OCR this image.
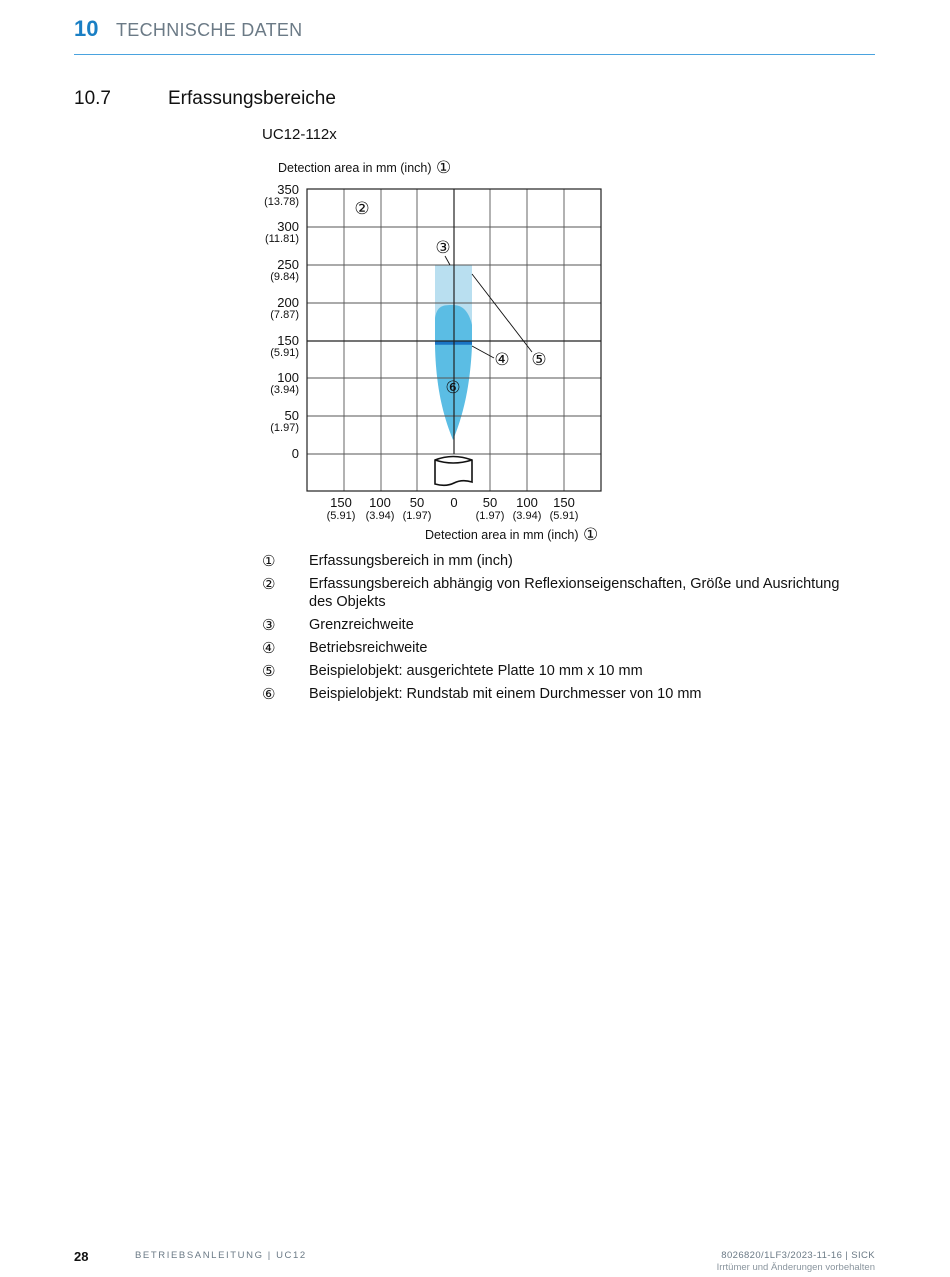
10 TECHNISCHE DATEN
10.7	Erfassungsbereiche
UC12-112x
Detection area in mm (inch) ①
350
(13.78)
300
(11.81)
250
(9.84)
200
(7.87)
150
(5.91)
100
(3.94)
50
(1.97)
0
150
(5.91)
100
(3.94)
50
(1.97)
0 50
(1.97)
100
(3.94)
150
(5.91)
Detection area in mm (inch) ①
②
③
④ ⑤
⑥
① Erfassungsbereich in mm (inch)
② Erfassungsbereich abhängig von Reflexionseigenschaften, Größe und Ausrichtung des Objekts
③ Grenzreichweite
④ Betriebsreichweite
⑤ Beispielobjekt: ausgerichtete Platte 10 mm x 10 mm
⑥ Beispielobjekt: Rundstab mit einem Durchmesser von 10 mm
28	BETRIEBSANLEITUNG | UC12	8026820/1LF3/2023-11-16 | SICK
Irrtümer und Änderungen vorbehalten
